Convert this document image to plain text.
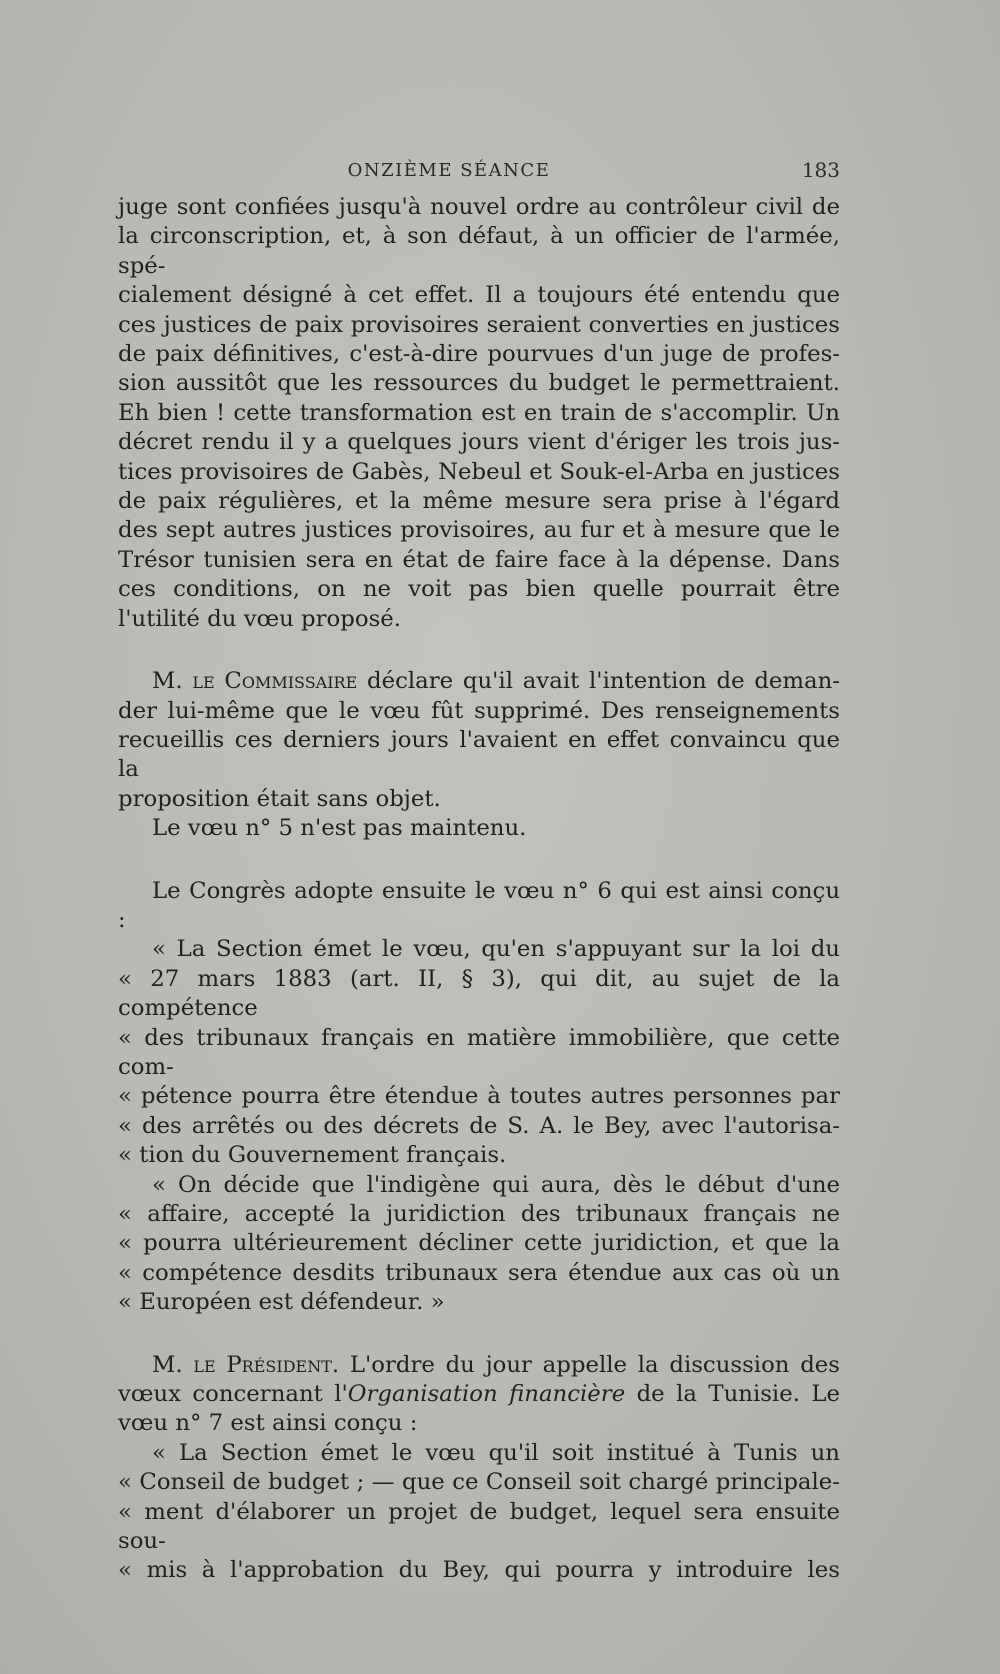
ONZIÈME SÉANCE	183

juge sont confiées jusqu'à nouvel ordre au contrôleur civil de

la circonscription, et, à son défaut, à un officier de l'armée, spé-

cialement désigné à cet effet. Il a toujours été entendu que

ces justices de paix provisoires seraient converties en justices

de paix définitives, c'est-à-dire pourvues d'un juge de profes-

sion aussitôt que les ressources du budget le permettraient.

Eh bien ! cette transformation est en train de s'accomplir. Un

décret rendu il y a quelques jours vient d'ériger les trois jus-

tices provisoires de Gabès, Nebeul et Souk-el-Arba en justices

de paix régulières, et la même mesure sera prise à l'égard

des sept autres justices provisoires, au fur et à mesure que le

Trésor tunisien sera en état de faire face à la dépense. Dans

ces conditions, on ne voit pas bien quelle pourrait être

l'utilité du vœu proposé.

M. le Commissaire déclare qu'il avait l'intention de deman-

der lui-même que le vœu fût supprimé. Des renseignements

recueillis ces derniers jours l'avaient en effet convaincu que la

proposition était sans objet.

Le vœu n° 5 n'est pas maintenu.

Le Congrès adopte ensuite le vœu n° 6 qui est ainsi conçu :

« La Section émet le vœu, qu'en s'appuyant sur la loi du

« 27 mars 1883 (art. II, § 3), qui dit, au sujet de la compétence

« des tribunaux français en matière immobilière, que cette com-

« pétence pourra être étendue à toutes autres personnes par

« des arrêtés ou des décrets de S. A. le Bey, avec l'autorisa-

« tion du Gouvernement français.

« On décide que l'indigène qui aura, dès le début d'une

« affaire, accepté la juridiction des tribunaux français ne

« pourra ultérieurement décliner cette juridiction, et que la

« compétence desdits tribunaux sera étendue aux cas où un

« Européen est défendeur. »

M. le Président. L'ordre du jour appelle la discussion des

vœux concernant l'Organisation financière de la Tunisie. Le

vœu n° 7 est ainsi conçu :

« La Section émet le vœu qu'il soit institué à Tunis un

« Conseil de budget ; — que ce Conseil soit chargé principale-

« ment d'élaborer un projet de budget, lequel sera ensuite sou-

« mis à l'approbation du Bey, qui pourra y introduire les
